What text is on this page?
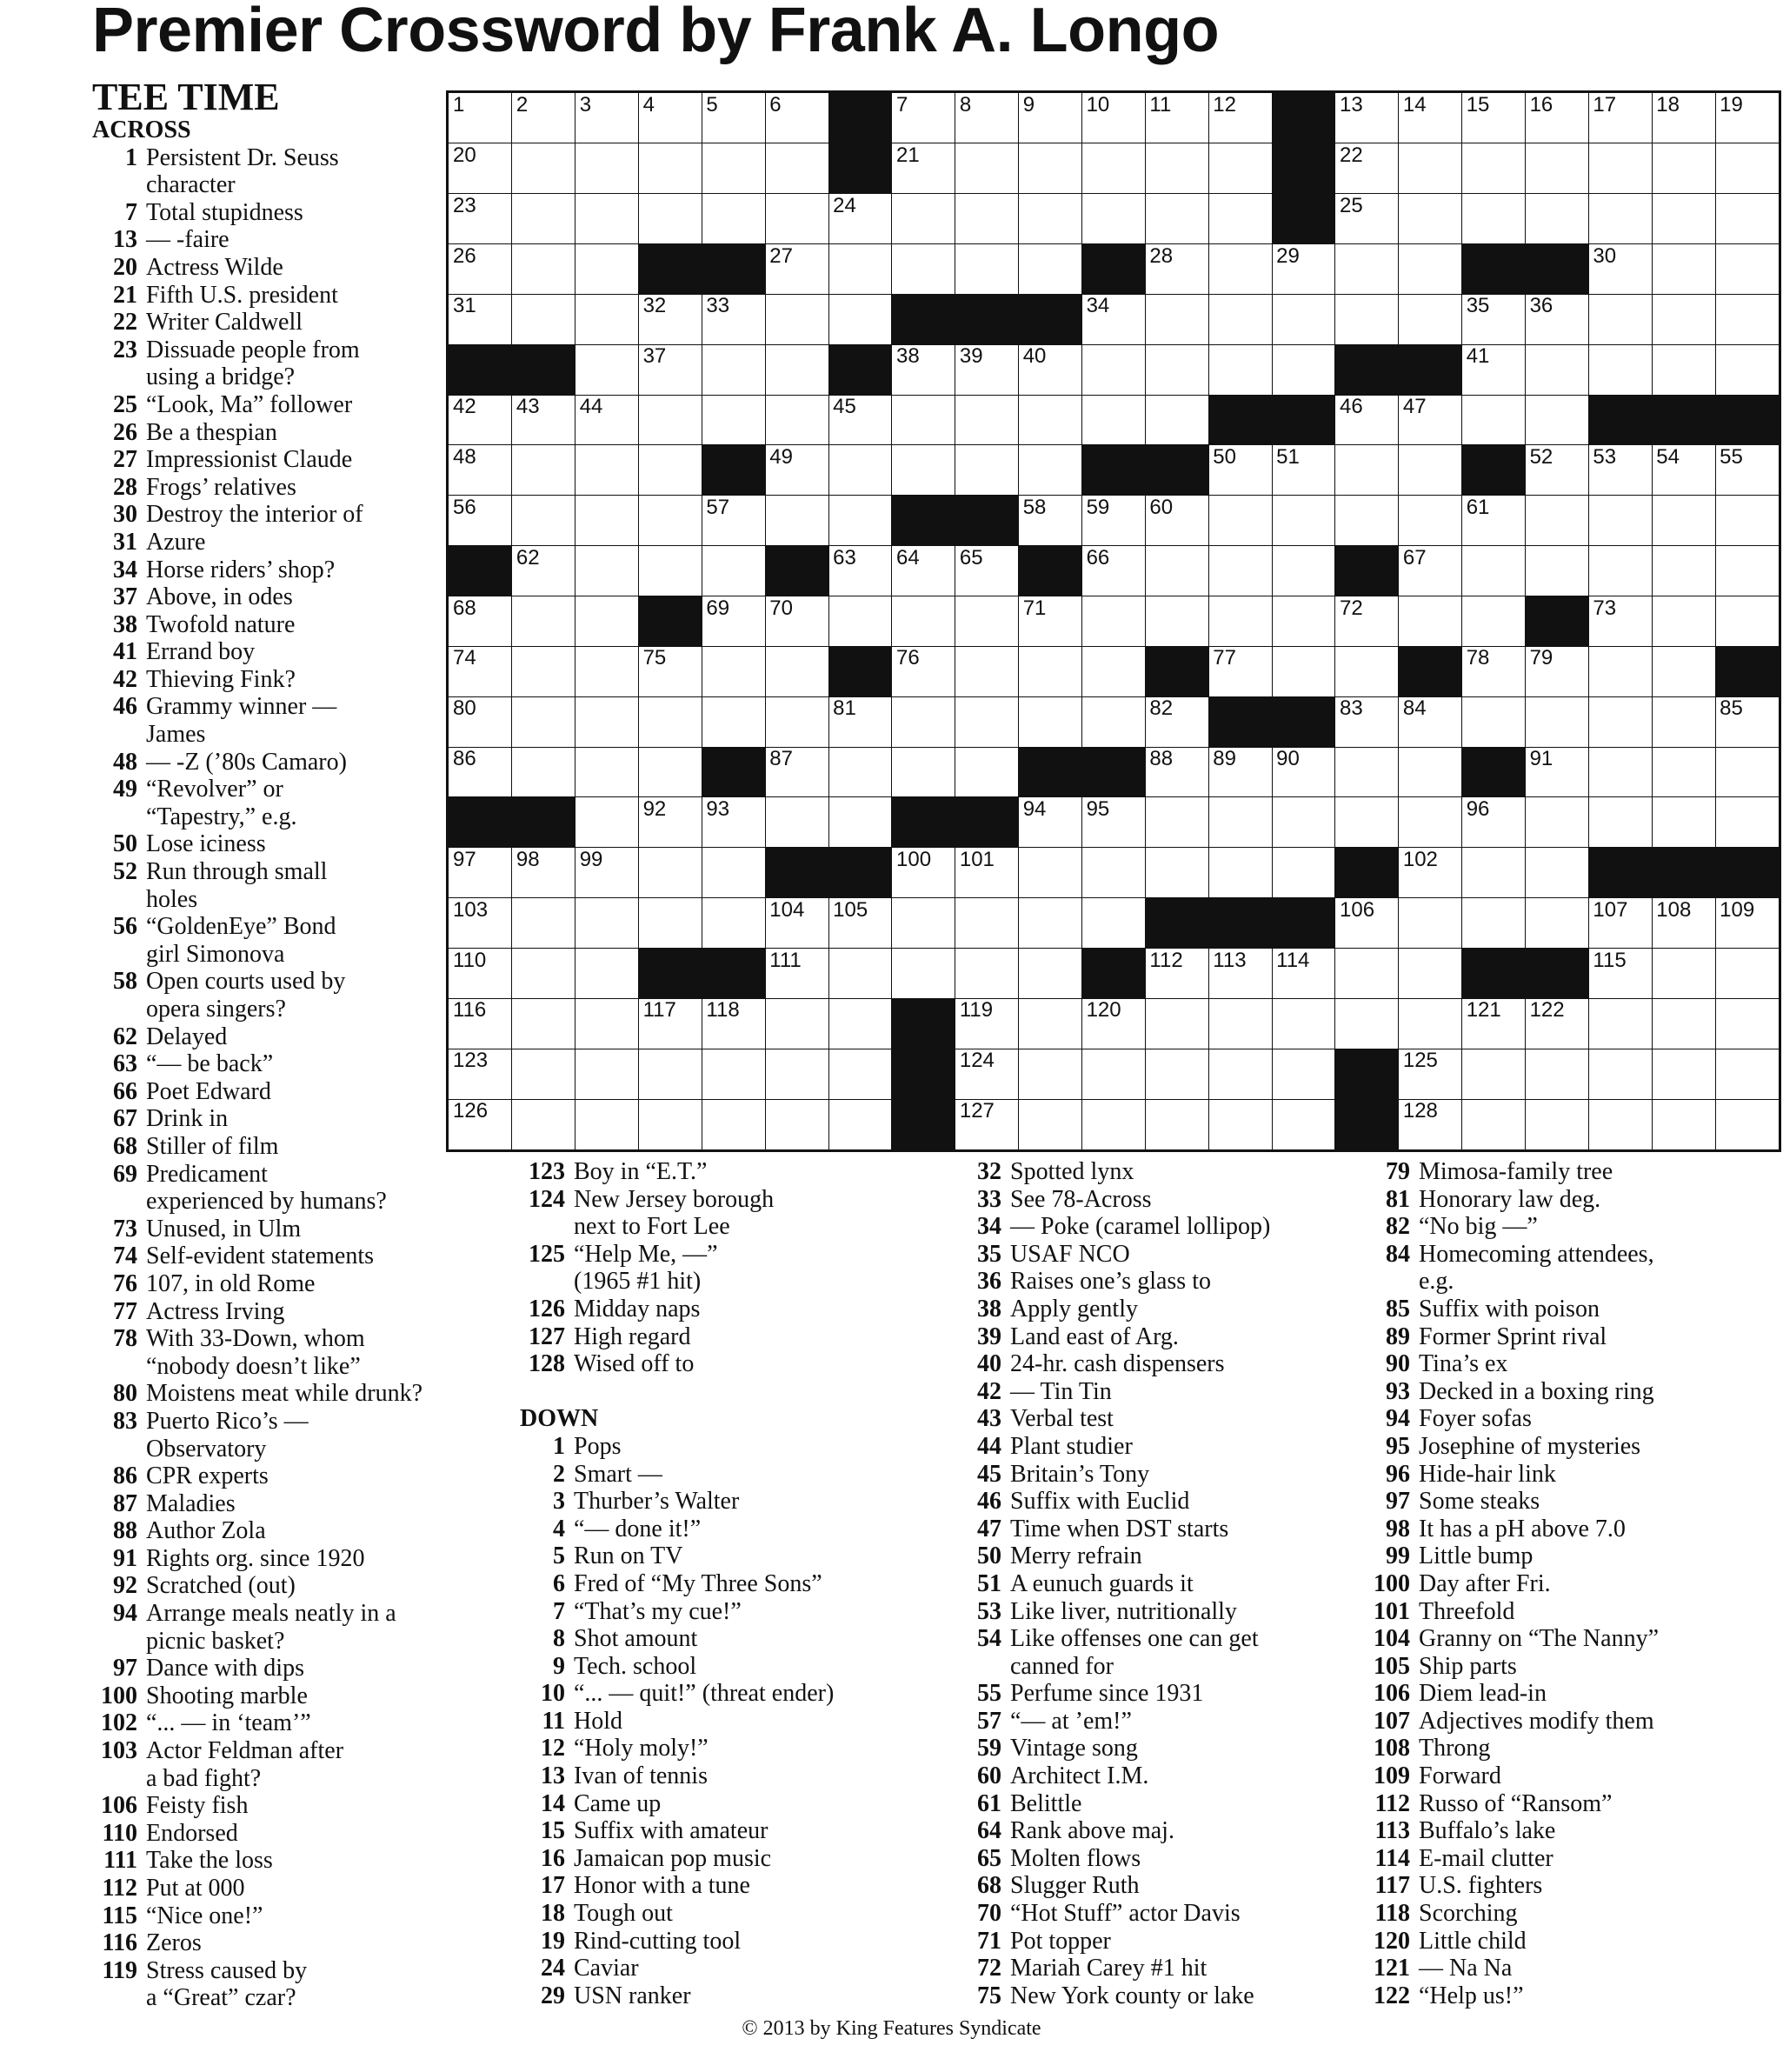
Premier Crossword by Frank A. Longo
TEE TIME	1 2 3 4 5 6	7 8 9 10 11 12	13 14 15 16 17 18 19
20	21	22
23	24	25
26	27	28	29	30
31	32 33	34	35 36
37	38 39 40	41
42 43 44	45	46 47
48	49	50 51	52 53 54 55
56	57	58 59 60	61
62	63 64 65	66	67
68	69 70	71	72	73
74	75	76	77	78 79
80	81	82	83 84	85
86	87	88 89 90	91
92 93	94 95	96
97 98 99	100 101	102
103	104 105	106	107 108 109
110	111	112 113 114	115
116	117 118	119	120	121 122
123	124	125
126	127	128
ACROSS
1 Persistent Dr. Seuss
character
7 Total stupidness
13 — -faire
20 Actress Wilde
21 Fifth U.S. president
22 Writer Caldwell
23 Dissuade people from
using a bridge?
25 “Look, Ma” follower
26 Be a thespian
27 Impressionist Claude
28 Frogs’ relatives
30 Destroy the interior of
31 Azure
34 Horse riders’ shop?
37 Above, in odes
38 Twofold nature
41 Errand boy
42 Thieving Fink?
46 Grammy winner —
James
48 — -Z (’80s Camaro)
49 “Revolver” or
“Tapestry,” e.g.
50 Lose iciness
52 Run through small
holes
56 “GoldenEye” Bond
girl Simonova
58 Open courts used by
opera singers?
62 Delayed
63 “— be back”
66 Poet Edward
67 Drink in
68 Stiller of film
69 Predicament
experienced by humans?
73 Unused, in Ulm
74 Self-evident statements
76 107, in old Rome
77 Actress Irving
78 With 33-Down, whom
“nobody doesn’t like”
80 Moistens meat while drunk?
83 Puerto Rico’s —
Observatory
86 CPR experts
87 Maladies
88 Author Zola
91 Rights org. since 1920
92 Scratched (out)
94 Arrange meals neatly in a
picnic basket?
97 Dance with dips
100 Shooting marble
102 “... — in ‘team’”
103 Actor Feldman after
a bad fight?
106 Feisty fish
110 Endorsed
111 Take the loss
112 Put at 000
115 “Nice one!”
116 Zeros
119 Stress caused by
a “Great” czar?
123 Boy in “E.T.”
124 New Jersey borough
next to Fort Lee
125 “Help Me, —”
(1965 #1 hit)
126 Midday naps
127 High regard
128 Wised off to
DOWN
1 Pops
2 Smart —
3 Thurber’s Walter
4 “— done it!”
5 Run on TV
6 Fred of “My Three Sons”
7 “That’s my cue!”
8 Shot amount
9 Tech. school
10 “... — quit!” (threat ender)
11 Hold
12 “Holy moly!”
13 Ivan of tennis
14 Came up
15 Suffix with amateur
16 Jamaican pop music
17 Honor with a tune
18 Tough out
19 Rind-cutting tool
24 Caviar
29 USN ranker
32 Spotted lynx
33 See 78-Across
34 — Poke (caramel lollipop)
35 USAF NCO
36 Raises one’s glass to
38 Apply gently
39 Land east of Arg.
40 24-hr. cash dispensers
42 — Tin Tin
43 Verbal test
44 Plant studier
45 Britain’s Tony
46 Suffix with Euclid
47 Time when DST starts
50 Merry refrain
51 A eunuch guards it
53 Like liver, nutritionally
54 Like offenses one can get
canned for
55 Perfume since 1931
57 “— at ’em!”
59 Vintage song
60 Architect I.M.
61 Belittle
64 Rank above maj.
65 Molten flows
68 Slugger Ruth
70 “Hot Stuff” actor Davis
71 Pot topper
72 Mariah Carey #1 hit
75 New York county or lake
79 Mimosa-family tree
81 Honorary law deg.
82 “No big —”
84 Homecoming attendees,
e.g.
85 Suffix with poison
89 Former Sprint rival
90 Tina’s ex
93 Decked in a boxing ring
94 Foyer sofas
95 Josephine of mysteries
96 Hide-hair link
97 Some steaks
98 It has a pH above 7.0
99 Little bump
100 Day after Fri.
101 Threefold
104 Granny on “The Nanny”
105 Ship parts
106 Diem lead-in
107 Adjectives modify them
108 Throng
109 Forward
112 Russo of “Ransom”
113 Buffalo’s lake
114 E-mail clutter
117 U.S. fighters
118 Scorching
120 Little child
121 — Na Na
122 “Help us!”
© 2013 by King Features Syndicate
